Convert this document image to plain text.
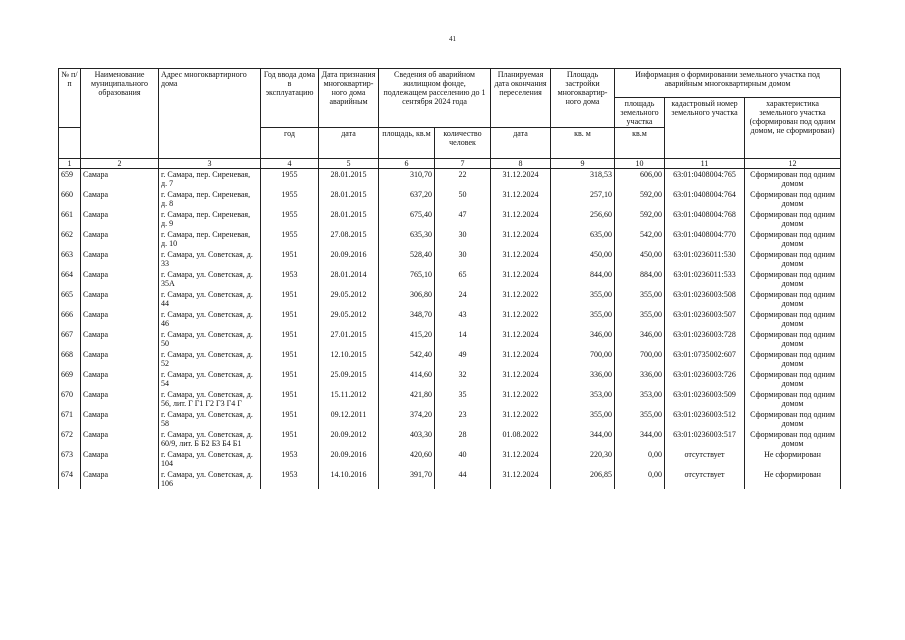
41
№ п/п	Наименование муниципального образования	Адрес многоквартирного дома	Год ввода дома в эксплуатацию	Дата признания многоквартир-ного дома аварийным	Сведения об аварийном жилищном фонде, подлежащем расселению до 1 сентября 2024 года		Планируемая дата окончания переселения	Площадь застройки многоквартир-ного дома	Информация о формировании земельного участка под аварийным многоквартирным домом		
									площадь земельного участка	кадастровый номер земельного участка	характеристика земельного участка (сформирован под одним домом, не сформирован)
			год	дата	площадь, кв.м	количество человек	дата	кв. м	кв.м		
1	2	3	4	5	6	7	8	9	10	11	12
659	Самара	г. Самара, пер. Сиреневая, д. 7	1955	28.01.2015	310,70	22	31.12.2024	318,53	606,00	63:01:0408004:765	Сформирован под одним домом
660	Самара	г. Самара, пер. Сиреневая, д. 8	1955	28.01.2015	637,20	50	31.12.2024	257,10	592,00	63:01:0408004:764	Сформирован под одним домом
661	Самара	г. Самара, пер. Сиреневая, д. 9	1955	28.01.2015	675,40	47	31.12.2024	256,60	592,00	63:01:0408004:768	Сформирован под одним домом
662	Самара	г. Самара, пер. Сиреневая, д. 10	1955	27.08.2015	635,30	30	31.12.2024	635,00	542,00	63:01:0408004:770	Сформирован под одним домом
663	Самара	г. Самара, ул. Советская, д. 33	1951	20.09.2016	528,40	30	31.12.2024	450,00	450,00	63:01:0236011:530	Сформирован под одним домом
664	Самара	г. Самара, ул. Советская, д. 35А	1953	28.01.2014	765,10	65	31.12.2024	844,00	884,00	63:01:0236011:533	Сформирован под одним домом
665	Самара	г. Самара, ул. Советская, д. 44	1951	29.05.2012	306,80	24	31.12.2022	355,00	355,00	63:01:0236003:508	Сформирован под одним домом
666	Самара	г. Самара, ул. Советская, д. 46	1951	29.05.2012	348,70	43	31.12.2022	355,00	355,00	63:01:0236003:507	Сформирован под одним домом
667	Самара	г. Самара, ул. Советская, д. 50	1951	27.01.2015	415,20	14	31.12.2024	346,00	346,00	63:01:0236003:728	Сформирован под одним домом
668	Самара	г. Самара, ул. Советская, д. 52	1951	12.10.2015	542,40	49	31.12.2024	700,00	700,00	63:01:0735002:607	Сформирован под одним домом
669	Самара	г. Самара, ул. Советская, д. 54	1951	25.09.2015	414,60	32	31.12.2024	336,00	336,00	63:01:0236003:726	Сформирован под одним домом
670	Самара	г. Самара, ул. Советская, д. 56, лит. Г Г1 Г2 Г3 Г4 Г	1951	15.11.2012	421,80	35	31.12.2022	353,00	353,00	63:01:0236003:509	Сформирован под одним домом
671	Самара	г. Самара, ул. Советская, д. 58	1951	09.12.2011	374,20	23	31.12.2022	355,00	355,00	63:01:0236003:512	Сформирован под одним домом
672	Самара	г. Самара, ул. Советская, д. 60/9, лит. Б Б2 Б3 Б4 Б1	1951	20.09.2012	403,30	28	01.08.2022	344,00	344,00	63:01:0236003:517	Сформирован под одним домом
673	Самара	г. Самара, ул. Советская, д. 104	1953	20.09.2016	420,60	40	31.12.2024	220,30	0,00	отсутствует	Не сформирован
674	Самара	г. Самара, ул. Советская, д. 106	1953	14.10.2016	391,70	44	31.12.2024	206,85	0,00	отсутствует	Не сформирован
